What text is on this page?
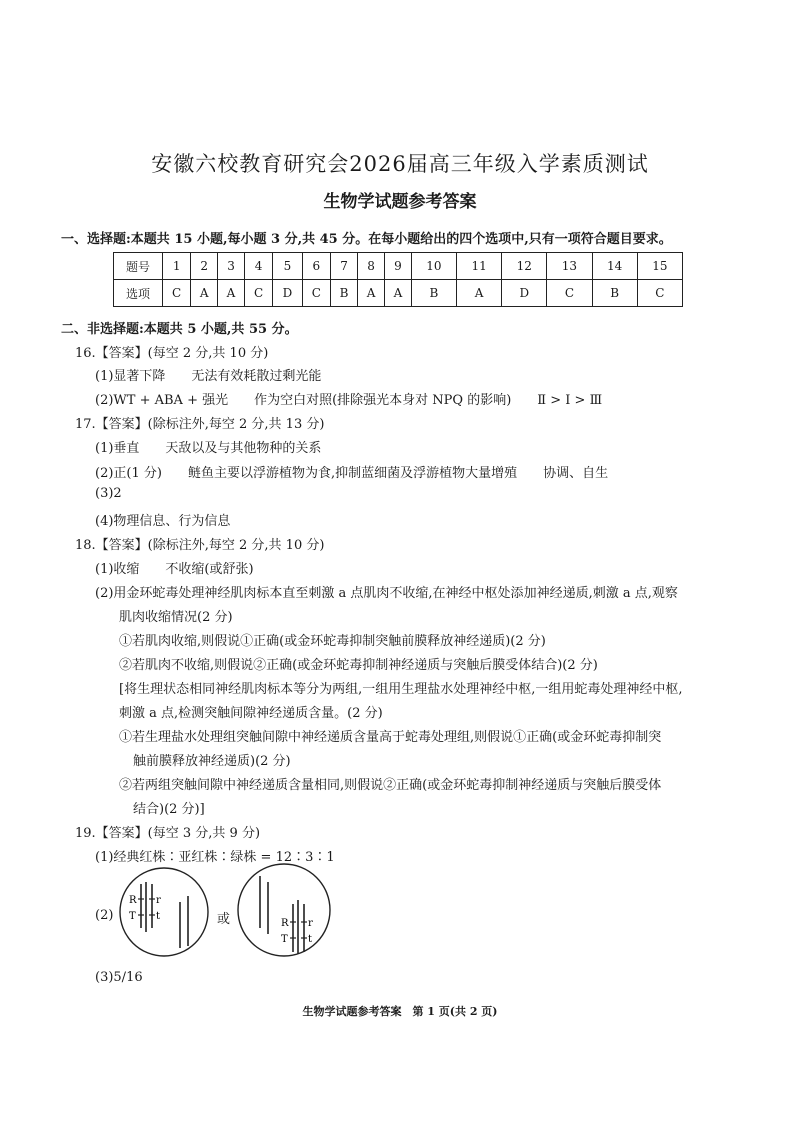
安徽六校教育研究会2026届高三年级入学素质测试
生物学试题参考答案
一、选择题:本题共 15 小题,每小题 3 分,共 45 分。在每小题给出的四个选项中,只有一项符合题目要求。
题号	1	2	3	4	5	6	7	8	9	10	11	12	13	14	15
选项	C	A	A	C	D	C	B	A	A	B	A	D	C	B	C
二、非选择题:本题共 5 小题,共 55 分。
16.【答案】(每空 2 分,共 10 分)
(1)显著下降　　无法有效耗散过剩光能
(2)WT + ABA + 强光　　作为空白对照(排除强光本身对 NPQ 的影响)　　Ⅱ > Ⅰ > Ⅲ
17.【答案】(除标注外,每空 2 分,共 13 分)
(1)垂直　　天敌以及与其他物种的关系
(2)正(1 分)　　鲢鱼主要以浮游植物为食,抑制蓝细菌及浮游植物大量增殖　　协调、自生
(3)2
(4)物理信息、行为信息
18.【答案】(除标注外,每空 2 分,共 10 分)
(1)收缩　　不收缩(或舒张)
(2)用金环蛇毒处理神经肌肉标本直至刺激 a 点肌肉不收缩,在神经中枢处添加神经递质,刺激 a 点,观察
肌肉收缩情况(2 分)
①若肌肉收缩,则假说①正确(或金环蛇毒抑制突触前膜释放神经递质)(2 分)
②若肌肉不收缩,则假说②正确(或金环蛇毒抑制神经递质与突触后膜受体结合)(2 分)
[将生理状态相同神经肌肉标本等分为两组,一组用生理盐水处理神经中枢,一组用蛇毒处理神经中枢,
刺激 a 点,检测突触间隙神经递质含量。(2 分)
①若生理盐水处理组突触间隙中神经递质含量高于蛇毒处理组,则假说①正确(或金环蛇毒抑制突
触前膜释放神经递质)(2 分)
②若两组突触间隙中神经递质含量相同,则假说②正确(或金环蛇毒抑制神经递质与突触后膜受体
结合)(2 分)]
19.【答案】(每空 3 分,共 9 分)
(1)经典红株∶亚红株∶绿株 = 12∶3∶1
(2)
R r
T t	或	R r
T t
(3)5/16
生物学试题参考答案　第 1 页(共 2 页)
